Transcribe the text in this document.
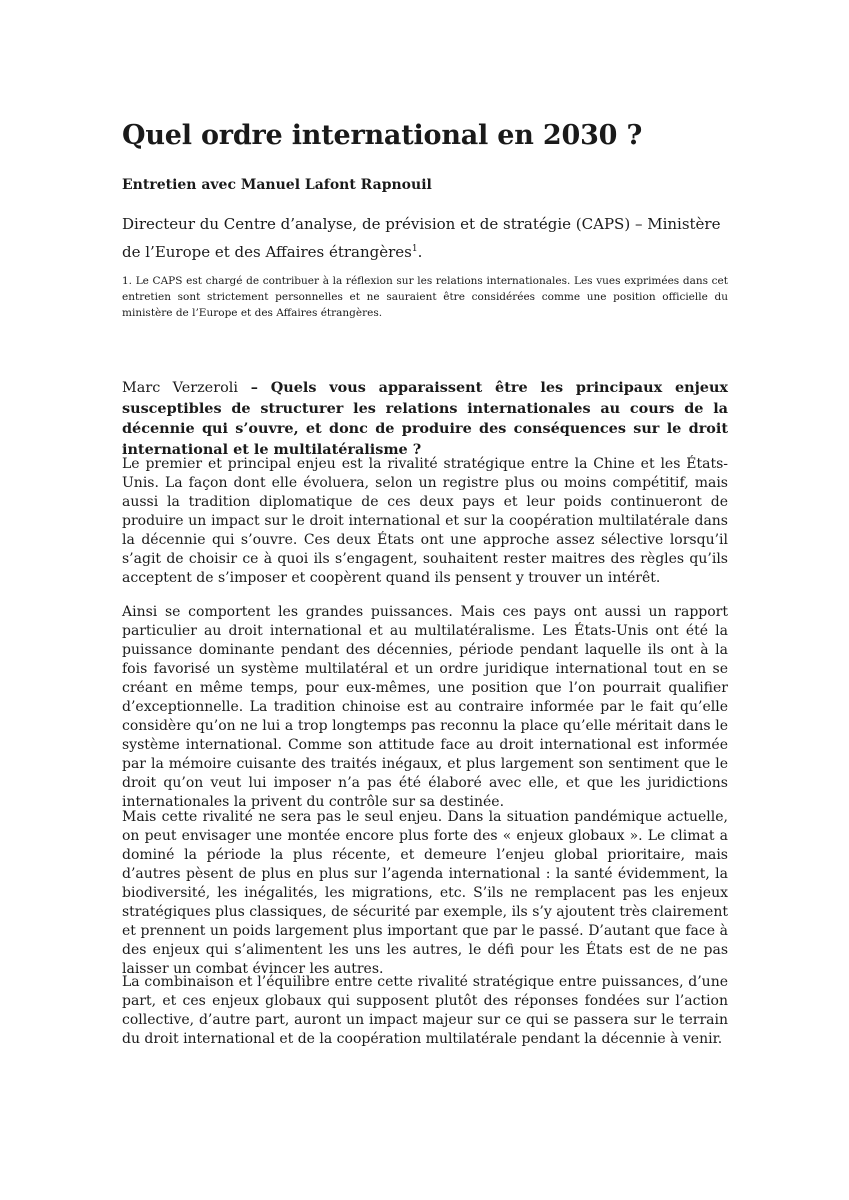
Quel ordre international en 2030 ?

Entretien avec Manuel Lafont Rapnouil

Directeur du Centre d’analyse, de prévision et de stratégie (CAPS) – Ministère de l’Europe et des Affaires étrangères$^1$.

1. Le CAPS est chargé de contribuer à la réflexion sur les relations internationales. Les vues exprimées dans cet entretien sont strictement personnelles et ne sauraient être considérées comme une position officielle du ministère de l’Europe et des Affaires étrangères.

Marc Verzeroli – Quels vous apparaissent être les principaux enjeux susceptibles de structurer les relations internationales au cours de la décennie qui s’ouvre, et donc de produire des conséquences sur le droit international et le multilatéralisme ?

Le premier et principal enjeu est la rivalité stratégique entre la Chine et les États-Unis. La façon dont elle évoluera, selon un registre plus ou moins compétitif, mais aussi la tradition diplomatique de ces deux pays et leur poids continueront de produire un impact sur le droit international et sur la coopération multilatérale dans la décennie qui s’ouvre. Ces deux États ont une approche assez sélective lorsqu’il s’agit de choisir ce à quoi ils s’engagent, souhaitent rester maitres des règles qu’ils acceptent de s’imposer et coopèrent quand ils pensent y trouver un intérêt.

Ainsi se comportent les grandes puissances. Mais ces pays ont aussi un rapport particulier au droit international et au multilatéralisme. Les États-Unis ont été la puissance dominante pendant des décennies, période pendant laquelle ils ont à la fois favorisé un système multilatéral et un ordre juridique international tout en se créant en même temps, pour eux-mêmes, une position que l’on pourrait qualifier d’exceptionnelle. La tradition chinoise est au contraire informée par le fait qu’elle considère qu’on ne lui a trop longtemps pas reconnu la place qu’elle méritait dans le système international. Comme son attitude face au droit international est informée par la mémoire cuisante des traités inégaux, et plus largement son sentiment que le droit qu’on veut lui imposer n’a pas été élaboré avec elle, et que les juridictions internationales la privent du contrôle sur sa destinée.

Mais cette rivalité ne sera pas le seul enjeu. Dans la situation pandémique actuelle, on peut envisager une montée encore plus forte des « enjeux globaux ». Le climat a dominé la période la plus récente, et demeure l’enjeu global prioritaire, mais d’autres pèsent de plus en plus sur l’agenda international : la santé évidemment, la biodiversité, les inégalités, les migrations, etc. S’ils ne remplacent pas les enjeux stratégiques plus classiques, de sécurité par exemple, ils s’y ajoutent très clairement et prennent un poids largement plus important que par le passé. D’autant que face à des enjeux qui s’alimentent les uns les autres, le défi pour les États est de ne pas laisser un combat évincer les autres.

La combinaison et l’équilibre entre cette rivalité stratégique entre puissances, d’une part, et ces enjeux globaux qui supposent plutôt des réponses fondées sur l’action collective, d’autre part, auront un impact majeur sur ce qui se passera sur le terrain du droit international et de la coopération multilatérale pendant la décennie à venir.
